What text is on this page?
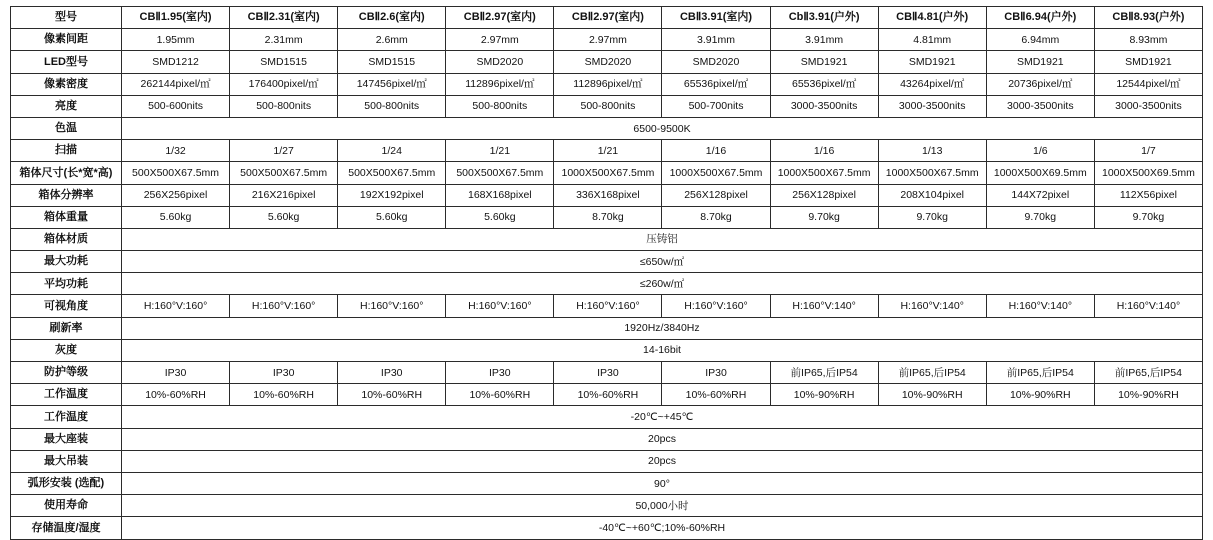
型号	CBⅡ1.95(室内)	CBⅡ2.31(室内)	CBⅡ2.6(室内)	CBⅡ2.97(室内)	CBⅡ2.97(室内)	CBⅡ3.91(室内)	CbⅡ3.91(户外)	CBⅡ4.81(户外)	CBⅡ6.94(户外)	CBⅡ8.93(户外)
像素间距	1.95mm	2.31mm	2.6mm	2.97mm	2.97mm	3.91mm	3.91mm	4.81mm	6.94mm	8.93mm
LED型号	SMD1212	SMD1515	SMD1515	SMD2020	SMD2020	SMD2020	SMD1921	SMD1921	SMD1921	SMD1921
像素密度	262144pixel/㎡	176400pixel/㎡	147456pixel/㎡	112896pixel/㎡	112896pixel/㎡	65536pixel/㎡	65536pixel/㎡	43264pixel/㎡	20736pixel/㎡	12544pixel/㎡
亮度	500-600nits	500-800nits	500-800nits	500-800nits	500-800nits	500-700nits	3000-3500nits	3000-3500nits	3000-3500nits	3000-3500nits
色温	6500-9500K									
扫描	1/32	1/27	1/24	1/21	1/21	1/16	1/16	1/13	1/6	1/7
箱体尺寸(长*宽*高)	500X500X67.5mm	500X500X67.5mm	500X500X67.5mm	500X500X67.5mm	1000X500X67.5mm	1000X500X67.5mm	1000X500X67.5mm	1000X500X67.5mm	1000X500X69.5mm	1000X500X69.5mm
箱体分辨率	256X256pixel	216X216pixel	192X192pixel	168X168pixel	336X168pixel	256X128pixel	256X128pixel	208X104pixel	144X72pixel	112X56pixel
箱体重量	5.60kg	5.60kg	5.60kg	5.60kg	8.70kg	8.70kg	9.70kg	9.70kg	9.70kg	9.70kg
箱体材质	压铸铝									
最大功耗	≤650w/㎡									
平均功耗	≤260w/㎡									
可视角度	H:160°V:160°	H:160°V:160°	H:160°V:160°	H:160°V:160°	H:160°V:160°	H:160°V:160°	H:160°V:140°	H:160°V:140°	H:160°V:140°	H:160°V:140°
刷新率	1920Hz/3840Hz									
灰度	14-16bit									
防护等级	IP30	IP30	IP30	IP30	IP30	IP30	前IP65,后IP54	前IP65,后IP54	前IP65,后IP54	前IP65,后IP54
工作温度	10%-60%RH	10%-60%RH	10%-60%RH	10%-60%RH	10%-60%RH	10%-60%RH	10%-90%RH	10%-90%RH	10%-90%RH	10%-90%RH
工作温度	-20℃~+45℃									
最大座装	20pcs									
最大吊装	20pcs									
弧形安装 (选配)	90°									
使用寿命	50,000小时									
存储温度/湿度	-40℃~+60℃;10%-60%RH									
